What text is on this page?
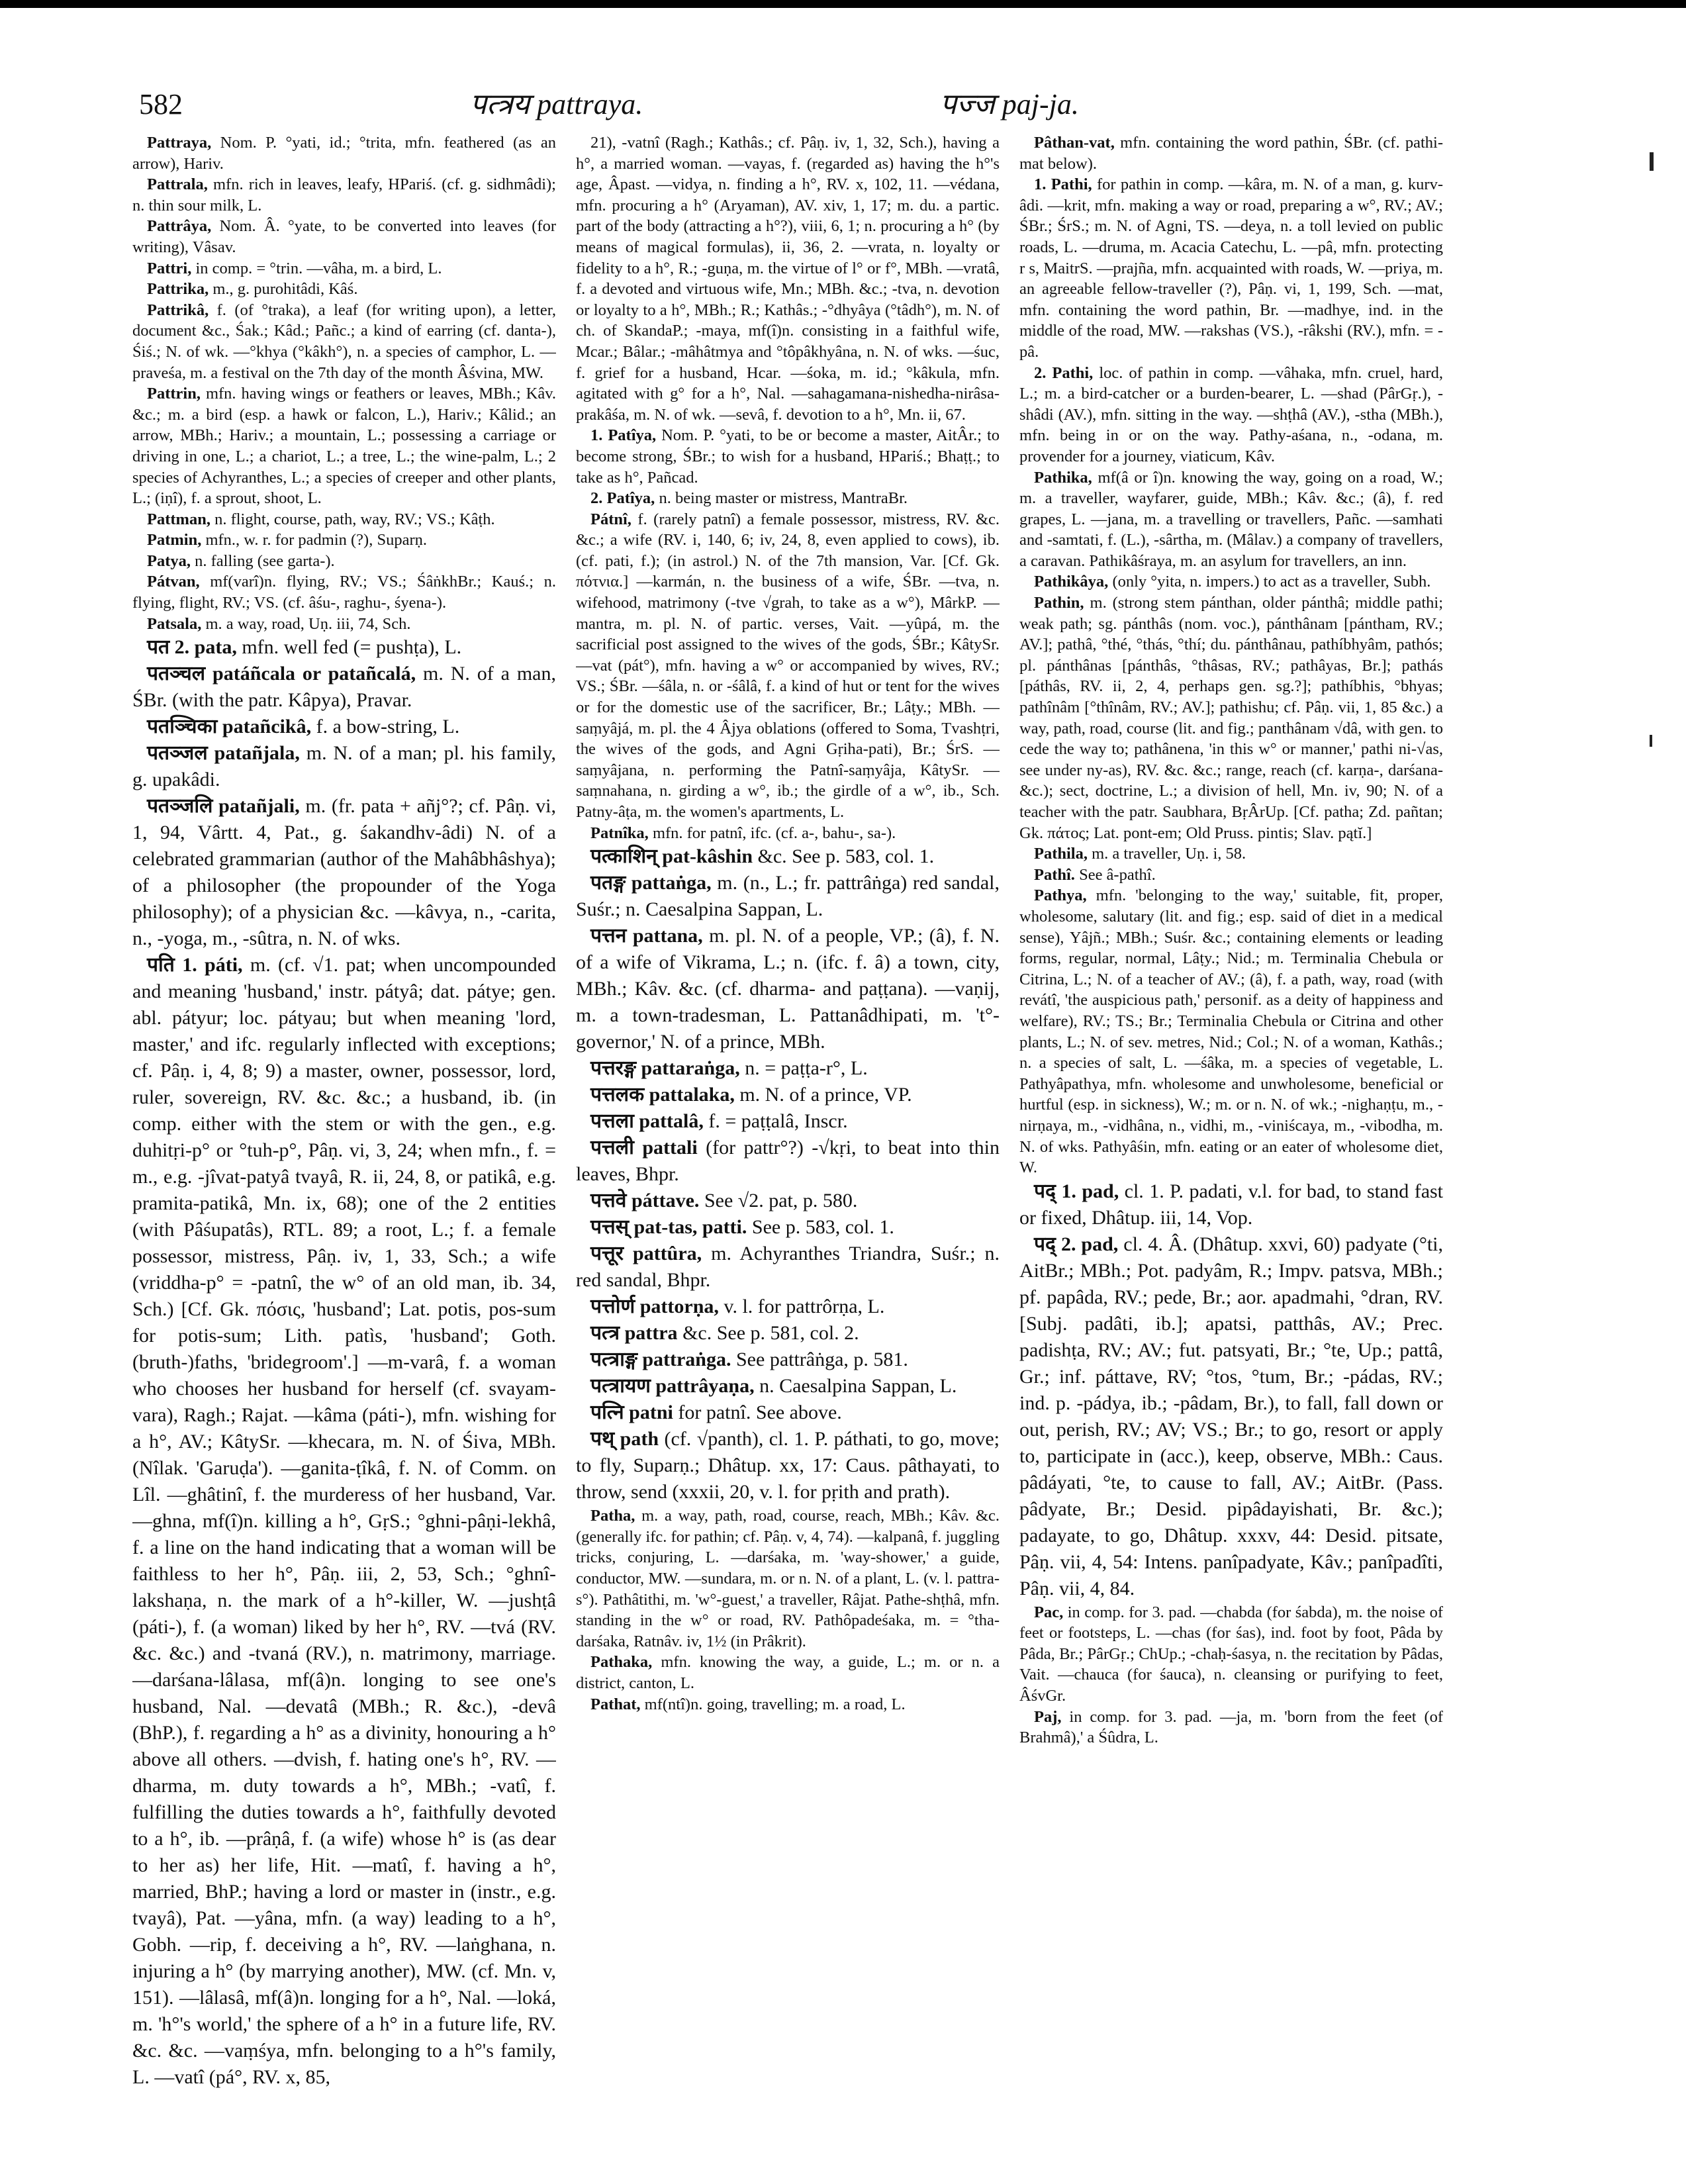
582	पत्त्रय pattraya.	पज्ज paj-ja.

Pattraya, Nom. P. °yati, id.; °trita, mfn. feathered (as an arrow), Hariv.

Pattrala, mfn. rich in leaves, leafy, HPariś. (cf. g. sidhmâdi); n. thin sour milk, L.

Pattrâya, Nom. Â. °yate, to be converted into leaves (for writing), Vâsav.

Pattri, in comp. = °trin. —vâha, m. a bird, L.

Pattrika, m., g. purohitâdi, Kâś.

Pattrikâ, f. (of °traka), a leaf (for writing upon), a letter, document &c., Śak.; Kâd.; Pañc.; a kind of earring (cf. danta-), Śiś.; N. of wk. —°khya (°kâkh°), n. a species of camphor, L. —praveśa, m. a festival on the 7th day of the month Âśvina, MW.

Pattrin, mfn. having wings or feathers or leaves, MBh.; Kâv. &c.; m. a bird (esp. a hawk or falcon, L.), Hariv.; Kâlid.; an arrow, MBh.; Hariv.; a mountain, L.; possessing a carriage or driving in one, L.; a chariot, L.; a tree, L.; the wine-palm, L.; 2 species of Achyranthes, L.; a species of creeper and other plants, L.; (iṇî), f. a sprout, shoot, L.

Pattman, n. flight, course, path, way, RV.; VS.; Kâṭh.

Patmin, mfn., w. r. for padmin (?), Suparṇ.

Patya, n. falling (see garta-).

Pátvan, mf(varî)n. flying, RV.; VS.; ŚâṅkhBr.; Kauś.; n. flying, flight, RV.; VS. (cf. âśu-, raghu-, śyena-).

Patsala, m. a way, road, Uṇ. iii, 74, Sch.

पत 2. pata, mfn. well fed (= pushṭa), L.

पतञ्चल patáñcala or patañcalá, m. N. of a man, ŚBr. (with the patr. Kâpya), Pravar.

पतञ्चिका patañcikâ, f. a bow-string, L.

पतञ्जल patañjala, m. N. of a man; pl. his family, g. upakâdi.

पतञ्जलि patañjali, m. (fr. pata + añj°?; cf. Pâṇ. vi, 1, 94, Vârtt. 4, Pat., g. śakandhv-âdi) N. of a celebrated grammarian (author of the Mahâbhâshya); of a philosopher (the propounder of the Yoga philosophy); of a physician &c. —kâvya, n., -carita, n., -yoga, m., -sûtra, n. N. of wks.

पति 1. páti, m. (cf. √1. pat; when uncompounded and meaning 'husband,' instr. pátyâ; dat. pátye; gen. abl. pátyur; loc. pátyau; but when meaning 'lord, master,' and ifc. regularly inflected with exceptions; cf. Pâṇ. i, 4, 8; 9) a master, owner, possessor, lord, ruler, sovereign, RV. &c. &c.; a husband, ib. (in comp. either with the stem or with the gen., e.g. duhitṛi-p° or °tuh-p°, Pâṇ. vi, 3, 24; when mfn., f. = m., e.g. -jîvat-patyâ tvayâ, R. ii, 24, 8, or patikâ, e.g. pramita-patikâ, Mn. ix, 68); one of the 2 entities (with Pâśupatâs), RTL. 89; a root, L.; f. a female possessor, mistress, Pâṇ. iv, 1, 33, Sch.; a wife (vriddha-p° = -patnî, the w° of an old man, ib. 34, Sch.) [Cf. Gk. πόσις, 'husband'; Lat. potis, pos-sum for potis-sum; Lith. patìs, 'husband'; Goth. (bruth-)faths, 'bridegroom'.] —m-varâ, f. a woman who chooses her husband for herself (cf. svayam-vara), Ragh.; Rajat. —kâma (páti-), mfn. wishing for a h°, AV.; KâtySr. —khecara, m. N. of Śiva, MBh. (Nîlak. 'Garuḍa'). —ganita-ṭîkâ, f. N. of Comm. on Lîl. —ghâtinî, f. the murderess of her husband, Var. —ghna, mf(î)n. killing a h°, GṛS.; °ghni-pâṇi-lekhâ, f. a line on the hand indicating that a woman will be faithless to her h°, Pâṇ. iii, 2, 53, Sch.; °ghnî-lakshaṇa, n. the mark of a h°-killer, W. —jushṭâ (páti-), f. (a woman) liked by her h°, RV. —tvá (RV. &c. &c.) and -tvaná (RV.), n. matrimony, marriage. —darśana-lâlasa, mf(â)n. longing to see one's husband, Nal. —devatâ (MBh.; R. &c.), -devâ (BhP.), f. regarding a h° as a divinity, honouring a h° above all others. —dvish, f. hating one's h°, RV. —dharma, m. duty towards a h°, MBh.; -vatî, f. fulfilling the duties towards a h°, faithfully devoted to a h°, ib. —prâṇâ, f. (a wife) whose h° is (as dear to her as) her life, Hit. —matî, f. having a h°, married, BhP.; having a lord or master in (instr., e.g. tvayâ), Pat. —yâna, mfn. (a way) leading to a h°, Gobh. —rip, f. deceiving a h°, RV. —laṅghana, n. injuring a h° (by marrying another), MW. (cf. Mn. v, 151). —lâlasâ, mf(â)n. longing for a h°, Nal. —loká, m. 'h°'s world,' the sphere of a h° in a future life, RV. &c. &c. —vaṃśya, mfn. belonging to a h°'s family, L. —vatî (pá°, RV. x, 85,

21), -vatnî (Ragh.; Kathâs.; cf. Pâṇ. iv, 1, 32, Sch.), having a h°, a married woman. —vayas, f. (regarded as) having the h°'s age, Âpast. —vidya, n. finding a h°, RV. x, 102, 11. —védana, mfn. procuring a h° (Aryaman), AV. xiv, 1, 17; m. du. a partic. part of the body (attracting a h°?), viii, 6, 1; n. procuring a h° (by means of magical formulas), ii, 36, 2. —vrata, n. loyalty or fidelity to a h°, R.; -guṇa, m. the virtue of l° or f°, MBh. —vratâ, f. a devoted and virtuous wife, Mn.; MBh. &c.; -tva, n. devotion or loyalty to a h°, MBh.; R.; Kathâs.; -°dhyâya (°tâdh°), m. N. of ch. of SkandaP.; -maya, mf(î)n. consisting in a faithful wife, Mcar.; Bâlar.; -mâhâtmya and °tôpâkhyâna, n. N. of wks. —śuc, f. grief for a husband, Hcar. —śoka, m. id.; °kâkula, mfn. agitated with g° for a h°, Nal. —sahagamana-nishedha-nirâsa-prakâśa, m. N. of wk. —sevâ, f. devotion to a h°, Mn. ii, 67.

1. Patîya, Nom. P. °yati, to be or become a master, AitÂr.; to become strong, ŚBr.; to wish for a husband, HPariś.; Bhaṭṭ.; to take as h°, Pañcad.

2. Patîya, n. being master or mistress, MantraBr.

Pátnî, f. (rarely patnî) a female possessor, mistress, RV. &c. &c.; a wife (RV. i, 140, 6; iv, 24, 8, even applied to cows), ib. (cf. pati, f.); (in astrol.) N. of the 7th mansion, Var. [Cf. Gk. πότνια.] —karmán, n. the business of a wife, ŚBr. —tva, n. wifehood, matrimony (-tve √grah, to take as a w°), MârkP. —mantra, m. pl. N. of partic. verses, Vait. —yûpá, m. the sacrificial post assigned to the wives of the gods, ŚBr.; KâtySr. —vat (pát°), mfn. having a w° or accompanied by wives, RV.; VS.; ŚBr. —śâla, n. or -śâlâ, f. a kind of hut or tent for the wives or for the domestic use of the sacrificer, Br.; Lâṭy.; MBh. —saṃyâjá, m. pl. the 4 Âjya oblations (offered to Soma, Tvashṭri, the wives of the gods, and Agni Gṛiha-pati), Br.; ŚrS. —saṃyâjana, n. performing the Patnî-saṃyâja, KâtySr. —saṃnahana, n. girding a w°, ib.; the girdle of a w°, ib., Sch. Patny-âṭa, m. the women's apartments, L.

Patnîka, mfn. for patnî, ifc. (cf. a-, bahu-, sa-).

पत्काशिन् pat-kâshin &c. See p. 583, col. 1.

पतङ्ग pattaṅga, m. (n., L.; fr. pattrâṅga) red sandal, Suśr.; n. Caesalpina Sappan, L.

पत्तन pattana, m. pl. N. of a people, VP.; (â), f. N. of a wife of Vikrama, L.; n. (ifc. f. â) a town, city, MBh.; Kâv. &c. (cf. dharma- and paṭṭana). —vaṇij, m. a town-tradesman, L. Pattanâdhipati, m. 't°-governor,' N. of a prince, MBh.

पत्तरङ्ग pattaraṅga, n. = paṭṭa-r°, L.

पत्तलक pattalaka, m. N. of a prince, VP.

पत्तला pattalâ, f. = paṭṭalâ, Inscr.

पत्तली pattali (for pattr°?) -√kṛi, to beat into thin leaves, Bhpr.

पत्तवे páttave. See √2. pat, p. 580.

पत्तस् pat-tas, patti. See p. 583, col. 1.

पत्तूर pattûra, m. Achyranthes Triandra, Suśr.; n. red sandal, Bhpr.

पत्तोर्ण pattorṇa, v. l. for pattrôrṇa, L.

पत्त्र pattra &c. See p. 581, col. 2.

पत्त्राङ्ग pattraṅga. See pattrâṅga, p. 581.

पत्त्रायण pattrâyaṇa, n. Caesalpina Sappan, L.

पत्नि patni for patnî. See above.

पथ् path (cf. √panth), cl. 1. P. páthati, to go, move; to fly, Suparṇ.; Dhâtup. xx, 17: Caus. pâthayati, to throw, send (xxxii, 20, v. l. for pṛith and prath).

Patha, m. a way, path, road, course, reach, MBh.; Kâv. &c. (generally ifc. for pathin; cf. Pâṇ. v, 4, 74). —kalpanâ, f. juggling tricks, conjuring, L. —darśaka, m. 'way-shower,' a guide, conductor, MW. —sundara, m. or n. N. of a plant, L. (v. l. pattra-s°). Pathâtithi, m. 'w°-guest,' a traveller, Râjat. Pathe-shṭhâ, mfn. standing in the w° or road, RV. Pathôpadeśaka, m. = °tha-darśaka, Ratnâv. iv, 1½ (in Prâkrit).

Pathaka, mfn. knowing the way, a guide, L.; m. or n. a district, canton, L.

Pathat, mf(ntî)n. going, travelling; m. a road, L.

Pâthan-vat, mfn. containing the word pathin, ŚBr. (cf. pathi-mat below).

1. Pathi, for pathin in comp. —kâra, m. N. of a man, g. kurv-âdi. —krit, mfn. making a way or road, preparing a w°, RV.; AV.; ŚBr.; ŚrS.; m. N. of Agni, TS. —deya, n. a toll levied on public roads, L. —druma, m. Acacia Catechu, L. —pâ, mfn. protecting r s, MaitrS. —prajña, mfn. acquainted with roads, W. —priya, m. an agreeable fellow-traveller (?), Pâṇ. vi, 1, 199, Sch. —mat, mfn. containing the word pathin, Br. —madhye, ind. in the middle of the road, MW. —rakshas (VS.), -râkshi (RV.), mfn. = -pâ.

2. Pathi, loc. of pathin in comp. —vâhaka, mfn. cruel, hard, L.; m. a bird-catcher or a burden-bearer, L. —shad (PârGṛ.), -shâdi (AV.), mfn. sitting in the way. —shṭhâ (AV.), -stha (MBh.), mfn. being in or on the way. Pathy-aśana, n., -odana, m. provender for a journey, viaticum, Kâv.

Pathika, mf(â or î)n. knowing the way, going on a road, W.; m. a traveller, wayfarer, guide, MBh.; Kâv. &c.; (â), f. red grapes, L. —jana, m. a travelling or travellers, Pañc. —samhati and -samtati, f. (L.), -sârtha, m. (Mâlav.) a company of travellers, a caravan. Pathikâśraya, m. an asylum for travellers, an inn.

Pathikâya, (only °yita, n. impers.) to act as a traveller, Subh.

Pathin, m. (strong stem pánthan, older pánthâ; middle pathi; weak path; sg. pánthâs (nom. voc.), pánthânam [pántham, RV.; AV.]; pathâ, °thé, °thás, °thí; du. pánthânau, pathíbhyâm, pathós; pl. pánthânas [pánthâs, °thâsas, RV.; pathâyas, Br.]; pathás [páthâs, RV. ii, 2, 4, perhaps gen. sg.?]; pathíbhis, °bhyas; pathînâm [°thînâm, RV.; AV.]; pathishu; cf. Pâṇ. vii, 1, 85 &c.) a way, path, road, course (lit. and fig.; panthânam √dâ, with gen. to cede the way to; pathânena, 'in this w° or manner,' pathi ni-√as, see under ny-as), RV. &c. &c.; range, reach (cf. karṇa-, darśana- &c.); sect, doctrine, L.; a division of hell, Mn. iv, 90; N. of a teacher with the patr. Saubhara, BṛÂrUp. [Cf. patha; Zd. pañtan; Gk. πάτος; Lat. pont-em; Old Pruss. pintis; Slav. pątĭ.]

Pathila, m. a traveller, Uṇ. i, 58.

Pathî. See â-pathî.

Pathya, mfn. 'belonging to the way,' suitable, fit, proper, wholesome, salutary (lit. and fig.; esp. said of diet in a medical sense), Yâjñ.; MBh.; Suśr. &c.; containing elements or leading forms, regular, normal, Lâṭy.; Nid.; m. Terminalia Chebula or Citrina, L.; N. of a teacher of AV.; (â), f. a path, way, road (with revátî, 'the auspicious path,' personif. as a deity of happiness and welfare), RV.; TS.; Br.; Terminalia Chebula or Citrina and other plants, L.; N. of sev. metres, Nid.; Col.; N. of a woman, Kathâs.; n. a species of salt, L. —śâka, m. a species of vegetable, L. Pathyâpathya, mfn. wholesome and unwholesome, beneficial or hurtful (esp. in sickness), W.; m. or n. N. of wk.; -nighaṇṭu, m., -nirṇaya, m., -vidhâna, n., vidhi, m., -viniścaya, m., -vibodha, m. N. of wks. Pathyâśin, mfn. eating or an eater of wholesome diet, W.

पद् 1. pad, cl. 1. P. padati, v.l. for bad, to stand fast or fixed, Dhâtup. iii, 14, Vop.

पद् 2. pad, cl. 4. Â. (Dhâtup. xxvi, 60) padyate (°ti, AitBr.; MBh.; Pot. padyâm, R.; Impv. patsva, MBh.; pf. papâda, RV.; pede, Br.; aor. apadmahi, °dran, RV. [Subj. padâti, ib.]; apatsi, patthâs, AV.; Prec. padishṭa, RV.; AV.; fut. patsyati, Br.; °te, Up.; pattâ, Gr.; inf. páttave, RV; °tos, °tum, Br.; -pádas, RV.; ind. p. -pádya, ib.; -pâdam, Br.), to fall, fall down or out, perish, RV.; AV; VS.; Br.; to go, resort or apply to, participate in (acc.), keep, observe, MBh.: Caus. pâdáyati, °te, to cause to fall, AV.; AitBr. (Pass. pâdyate, Br.; Desid. pipâdayishati, Br. &c.); padayate, to go, Dhâtup. xxxv, 44: Desid. pitsate, Pâṇ. vii, 4, 54: Intens. panîpadyate, Kâv.; panîpadîti, Pâṇ. vii, 4, 84.

Pac, in comp. for 3. pad. —chabda (for śabda), m. the noise of feet or footsteps, L. —chas (for śas), ind. foot by foot, Pâda by Pâda, Br.; PârGṛ.; ChUp.; -chaḥ-śasya, n. the recitation by Pâdas, Vait. —chauca (for śauca), n. cleansing or purifying to feet, ÂśvGr.

Paj, in comp. for 3. pad. —ja, m. 'born from the feet (of Brahmâ),' a Śûdra, L.
